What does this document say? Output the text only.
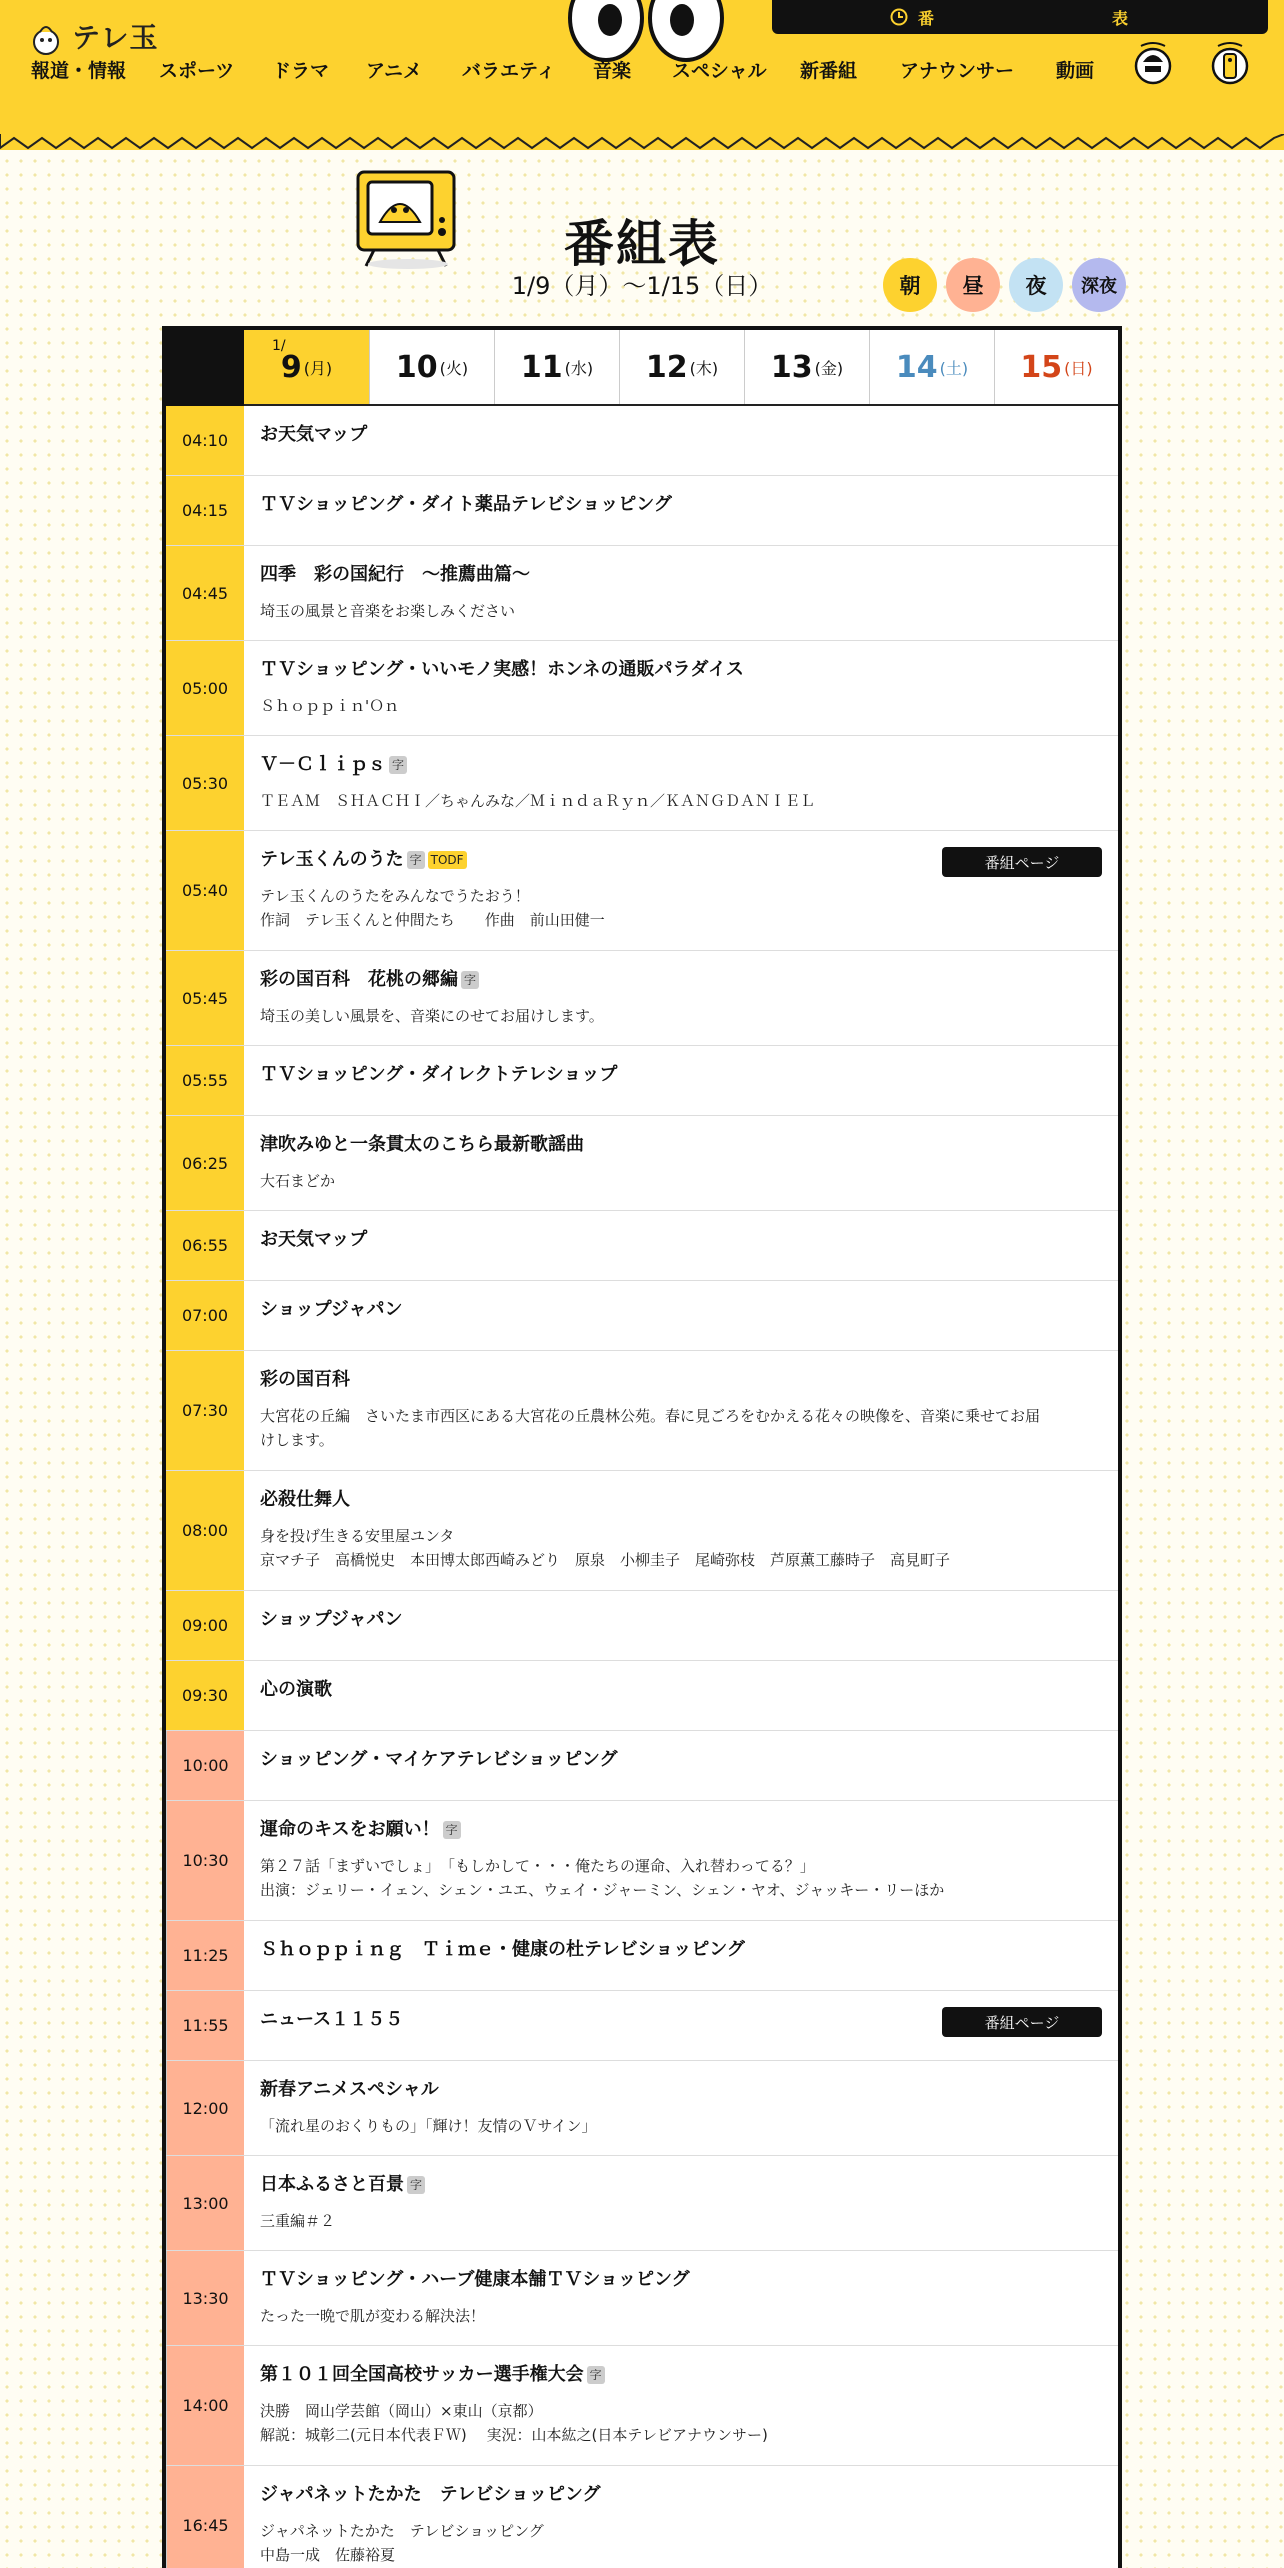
テレ玉
番	表
報道・情報 スポーツ ドラマ アニメ バラエティ 音楽 スペシャル 新番組 アナウンサー 動画
番組表
1/9（月）〜1/15（日）	朝	昼	夜	深夜
1/
9 (月) 10 (火) 11 (水) 12 (木) 13 (金) 14 (土) 15 (日)
04:10	お天気マップ
04:15	ＴＶショッピング・ダイト薬品テレビショッピング
04:45
四季　彩の国紀行　～推薦曲篇～
埼玉の風景と音楽をお楽しみください
05:00
ＴＶショッピング・いいモノ実感！ホンネの通販パラダイス
Ｓｈｏｐｐｉｎ'Ｏｎ
05:30
Ｖ－Ｃｌｉｐｓ 字
ＴＥＡＭ　ＳＨＡＣＨＩ／ちゃんみな／ＭｉｎｄａＲｙｎ／ＫＡＮＧＤＡＮＩＥＬ
05:40
テレ玉くんのうた 字 TODF
テレ玉くんのうたをみんなでうたおう！
作詞　テレ玉くんと仲間たち　　作曲　前山田健一
番組ページ
05:45
彩の国百科　花桃の郷編 字
埼玉の美しい風景を、音楽にのせてお届けします。
05:55	ＴＶショッピング・ダイレクトテレショップ
06:25
津吹みゆと一条貫太のこちら最新歌謡曲
大石まどか
06:55	お天気マップ
07:00	ショップジャパン
07:30
彩の国百科
大宮花の丘編　さいたま市西区にある大宮花の丘農林公苑。春に見ごろをむかえる花々の映像を、音楽に乗せてお届
けします。
08:00
必殺仕舞人
身を投げ生きる安里屋ユンタ
京マチ子　高橋悦史　本田博太郎西崎みどり　原泉　小柳圭子　尾崎弥枝　芦原薫工藤時子　高見町子
09:00	ショップジャパン
09:30	心の演歌
10:00	ショッピング・マイケアテレビショッピング
10:30
運命のキスをお願い！ 字
第２７話「まずいでしょ」　「もしかして・・・俺たちの運命、入れ替わってる？」
出演：ジェリー・イェン、シェン・ユエ、ウェイ・ジャーミン、シェン・ヤオ、ジャッキー・リーほか
11:25	Ｓｈｏｐｐｉｎｇ　Ｔｉｍｅ・健康の杜テレビショッピング
11:55	ニュース１１５５	番組ページ
12:00
新春アニメスペシャル
「流れ星のおくりもの」「輝け！友情のＶサイン」
13:00
日本ふるさと百景 字
三重編＃２
13:30
ＴＶショッピング・ハーブ健康本舗ＴＶショッピング
たった一晩で肌が変わる解決法！
14:00
第１０１回全国高校サッカー選手権大会 字
決勝　岡山学芸館（岡山）×東山（京都）
解説：城彰二(元日本代表ＦＷ)　 実況：山本紘之(日本テレビアナウンサー)
16:45
ジャパネットたかた　テレビショッピング
ジャパネットたかた　テレビショッピング
中島一成　佐藤裕夏
